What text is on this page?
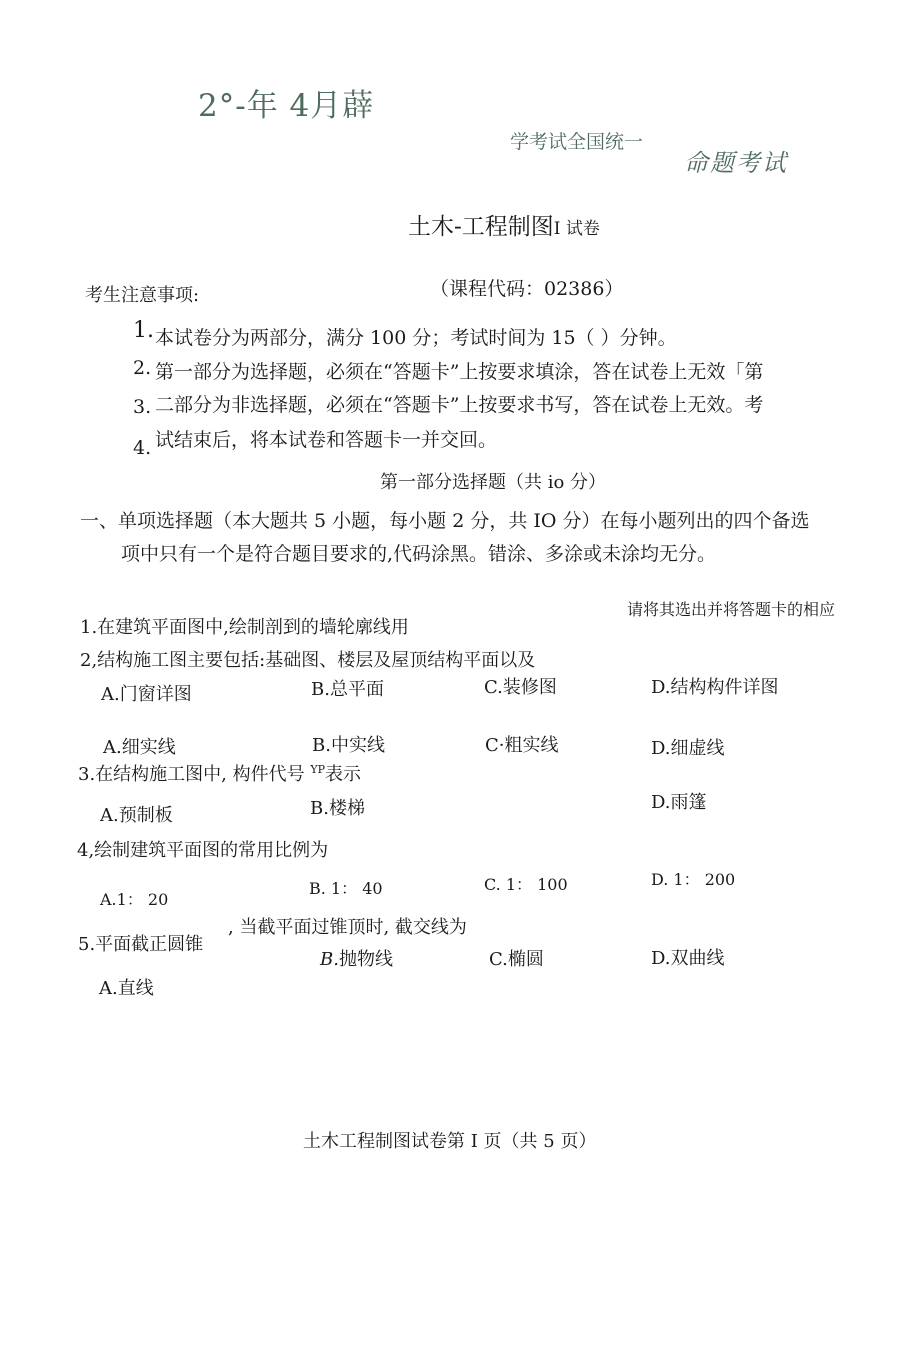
2°-年 4月薜
学考试全国统一
命题考试
土木-工程制图I 试卷
考生注意事项:	（课程代码：02386）
1. 本试卷分为两部分，满分 100 分；考试时间为 15（ ）分钟。
2. 第一部分为选择题，必须在“答题卡”上按要求填涂，答在试卷上无效「第
3. 二部分为非选择题，必须在“答题卡”上按要求书写，答在试卷上无效。考
4. 试结束后，将本试卷和答题卡一并交回。
第一部分选择题（共 io 分）
一、单项选择题（本大题共 5 小题，每小题 2 分，共 IO 分）在每小题列出的四个备选
项中只有一个是符合题目要求的,代码涂黑。错涂、多涂或未涂均无分。
请将其选出并将答题卡的相应
1.在建筑平面图中,绘制剖到的墙轮廓线用
2,结构施工图主要包括:基础图、楼层及屋顶结构平面以及
A.门窗详图	B.总平面	C.装修图	D.结构构件详图
A.细实线	B.中实线	C·粗实线	D.细虚线
3.在结构施工图中, 构件代号 $^{YP}$表示
A.预制板	B.楼梯	D.雨篷
4,绘制建筑平面图的常用比例为
A.1： 20
B. 1： 40	C. 1： 100	D. 1： 200
5.平面截正圆锥
, 当截平面过锥顶时, 截交线为
B.抛物线	C.椭圆	D.双曲线
A.直线
土木工程制图试卷第 I 页（共 5 页）
